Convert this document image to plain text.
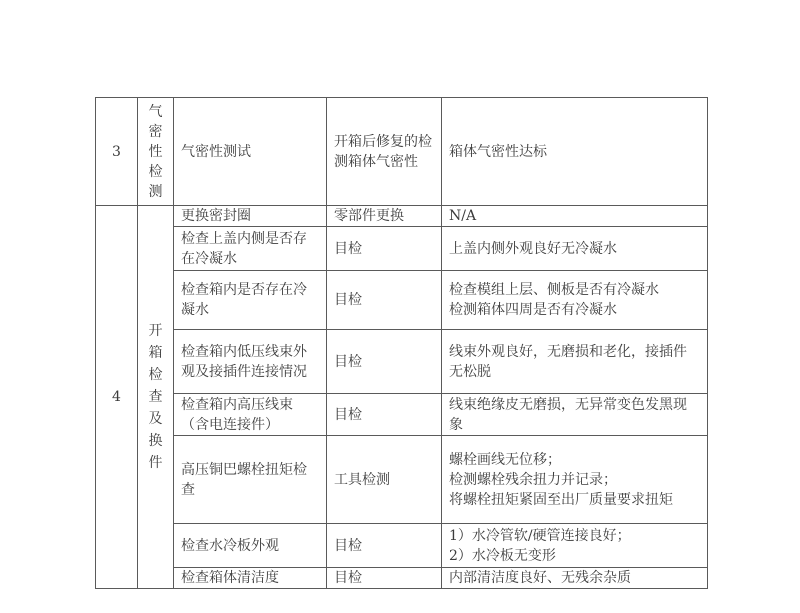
3	气密性检测	气密性测试	开箱后修复的检测箱体气密性	箱体气密性达标
4	开箱检查及换件	更换密封圈	零部件更换	N/A
		检查上盖内侧是否存在冷凝水	目检	上盖内侧外观良好无冷凝水
		检查箱内是否存在冷凝水	目检	检查模组上层、侧板是否有冷凝水
检测箱体四周是否有冷凝水

		检查箱内低压线束外观及接插件连接情况	目检	线束外观良好，无磨损和老化，接插件无松脱
		检查箱内高压线束（含电连接件）	目检	线束绝缘皮无磨损，无异常变色发黑现象
		高压铜巴螺栓扭矩检查	工具检测	螺栓画线无位移；
检测螺栓残余扭力并记录；
将螺栓扭矩紧固至出厂质量要求扭矩

		检查水冷板外观	目检	1）水冷管软/硬管连接良好；
2）水冷板无变形

		检查箱体清洁度	目检	内部清洁度良好、无残余杂质
